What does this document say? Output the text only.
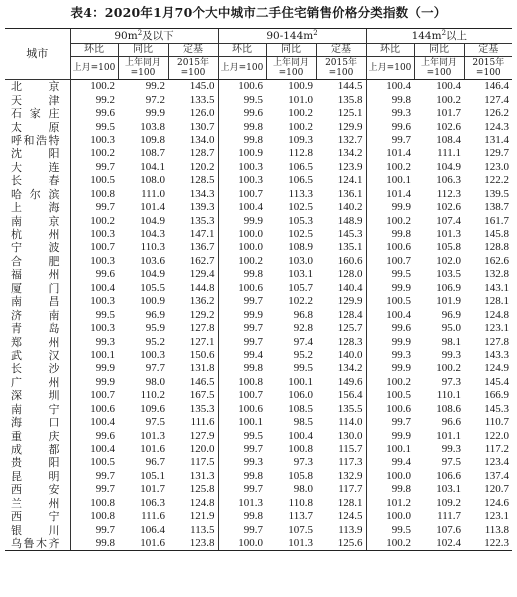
表4：2020年1月70个大中城市二手住宅销售价格分类指数（一）
城市	$90m^2$及以下			$90-144m^2$			$144m^2$以上		
	环比	同比	定基	环比	同比	定基	环比	同比	定基
	上月=100	上年同月=100	2015年=100	上月=100	上年同月=100	2015年=100	上月=100	上年同月=100	2015年=100
北　　京	100.2	99.2	145.0	100.6	100.9	144.5	100.4	100.4	146.4
天　　津	99.2	97.2	133.5	99.5	101.0	135.8	99.8	100.2	127.4
石 家 庄	99.6	99.9	126.0	99.6	100.2	125.1	99.3	101.7	126.2
太　　原	99.5	103.8	130.7	99.8	100.2	129.9	99.6	102.6	124.3
呼和浩特	100.3	109.8	134.0	99.8	109.3	132.7	99.7	108.4	131.4
沈　　阳	100.2	108.7	128.7	100.9	112.8	134.2	101.4	111.1	129.7
大　　连	99.7	104.1	120.2	100.3	106.5	123.9	100.2	104.9	123.0
长　　春	100.5	108.0	128.5	100.3	106.5	124.1	100.1	106.3	122.2
哈 尔 滨	100.8	111.0	134.3	100.7	113.3	136.1	101.4	112.3	139.5
上　　海	99.7	101.4	139.3	100.4	102.5	140.2	99.9	102.6	138.7
南　　京	100.2	104.9	135.3	99.9	105.3	148.9	100.2	107.4	161.7
杭　　州	100.3	104.3	147.1	100.0	102.5	145.3	99.8	101.3	145.8
宁　　波	100.7	110.3	136.7	100.0	108.9	135.1	100.6	105.8	128.8
合　　肥	100.3	103.6	162.7	100.2	103.0	160.6	100.7	102.0	162.6
福　　州	99.6	104.9	129.4	99.8	103.1	128.0	99.5	103.5	132.8
厦　　门	100.4	105.5	144.8	100.6	105.7	140.4	99.9	106.9	143.1
南　　昌	100.3	100.9	136.2	99.7	102.2	129.9	100.5	101.9	128.1
济　　南	99.5	96.9	129.2	99.9	96.8	128.4	100.4	96.9	124.8
青　　岛	100.3	95.9	127.8	99.7	92.8	125.7	99.6	95.0	123.1
郑　　州	99.3	95.2	127.1	99.7	97.4	128.3	99.9	98.1	127.8
武　　汉	100.1	100.3	150.6	99.4	95.2	140.0	99.3	99.3	143.3
长　　沙	99.9	97.7	131.8	99.8	99.5	134.2	99.9	100.2	124.9
广　　州	99.9	98.0	146.5	100.8	100.1	149.6	100.2	97.3	145.4
深　　圳	100.7	110.2	167.5	100.7	106.0	156.4	100.5	110.1	166.9
南　　宁	100.6	109.6	135.3	100.6	108.5	135.5	100.6	108.6	145.3
海　　口	100.4	97.5	111.6	100.1	98.5	114.0	99.7	96.6	110.7
重　　庆	99.6	101.3	127.9	99.5	100.4	130.0	99.9	101.1	122.0
成　　都	100.4	101.6	120.0	99.7	100.8	115.7	100.1	99.3	117.2
贵　　阳	100.5	96.7	117.5	99.3	97.3	117.3	99.4	97.5	123.4
昆　　明	99.7	105.1	131.3	99.8	105.8	132.9	100.0	106.6	137.4
西　　安	99.7	101.7	125.8	99.7	98.0	117.7	99.8	103.1	120.7
兰　　州	100.8	106.3	124.8	101.3	110.8	128.1	101.2	109.2	124.6
西　　宁	100.8	111.6	121.9	99.8	113.7	124.5	100.0	111.7	123.1
银　　川	99.7	106.4	113.5	99.7	107.5	113.9	99.5	107.6	113.8
乌鲁木齐	99.8	101.6	123.8	100.0	101.3	125.6	100.2	102.4	122.3
